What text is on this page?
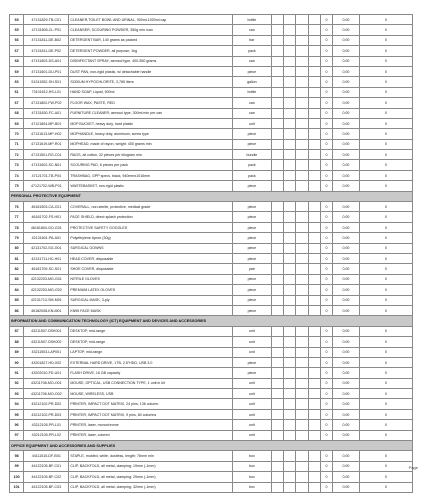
69	47131829-TB-C01	CLEANER,TOILET BOWL AND URINAL, 900ml-1000ml cap	bottle					0	0.00	0
65	47131805-CL-P01	CLEANSER, SCOURING POWDER, 350g min./can	can					0	0.00	0
66	47131811-DE-B02	DETERGENT BAR, 140 grams as packed	bar					0	0.00	0
67	47131811-DE-P02	DETERGENT POWDER, all purpose, 1kg	pack					0	0.00	0
68	47131803-DS-A01	DISINFECTANT SPRAY, aerosol type, 400-550 grams	can					0	0.00	0
69	47131601-DU-P01	DUST PAN, non-rigid plastic, w/ detachable handle	piece					0	0.00	0
60	51241552-SH-S01	SODIUM HYPOCHLORITE, 3,785 liters	gallon					0	0.00	0
61	73101612-HS-L01	HAND SOAP, Liquid, 500ml	bottle					0	0.00	0
67	47131802-FW-P02	FLOOR WAX, PASTE, RED	can					0	0.00	0
68	47131830-FC-A01	FURNITURE CLEANER, aerosol type, 300ml min per can	can					0	0.00	0
69	47121804-MP-B01	MOP BUCKET, heavy duty, hard plastic	unit					0	0.00	0
70	47131613-MP-H02	MOPHANDLE, heavy duty, aluminum, screw type	piece					0	0.00	0
71	47131619-MP-R01	MOPHEAD, made of rayon, weight: 400 grams min	piece					0	0.00	0
72	47131501-RG-C01	RAGS, all cotton, 32 pieces per kilogram min	bundle					0	0.00	0
73	47131602-SC-N01	SCOURING PAD, 6 pieces per pack	pack					0	0.00	0
74	47121701-TB-P04	TRASHBAG, GPP specs, black, 940mmx1016mm	pack					0	0.00	0
75	47121702-WB-P01	WASTEBASKET, non-rigid plastic	piece					0	0.00	0
PERSONAL PROTECTIVE EQUIPMENT										
76	46181503-CA-C01	COVERALL, non-sterile, protective, medical grade	piece					0	0.00	0
77	46181702-FS-H01	FACE SHIELD, direct splash protection	piece					0	0.00	0
78	46181804-GO-G01	PROTECTIVE SAFETY GOGGLES	piece					0	0.00	0
79	42131601-PA-A01	Polyethylene Apron (30g)	piece					0	0.00	0
80	42131702-SG-G01	SURGICAL GOWNS	piece					0	0.00	0
81	42131711-HC-H01	HEAD COVER, disposable	piece					0	0.00	0
82	46181709-SC-S01	SHOE COVER, disposable	pair					0	0.00	0
83	42132203-MG-G01	NITRILE GLOVES	piece					0	0.00	0
84	42132203-MG-G02	PREMIUM LATEX GLOVES	piece					0	0.00	0
85	42131713-SM-M01	SURGICAL MASK, 3-ply	piece					0	0.00	0
86	46182008-KN-M01	KN95 FACE MASK	piece					0	0.00	0
INFORMATION AND COMMUNICATION TECHNOLOGY (ICT) EQUIPMENT AND DEVICES AND ACCESSORIES										
87	43211507-DSK001	DESKTOP, mid-range	unit					0	0.00	0
88	43211507-DSK002	DESKTOP, mid-range	unit					0	0.00	0
89	43211503-LAP001	LAPTOP, mid-range	unit					0	0.00	0
90	43201827-HD-X02	EXTERNAL HARD DRIVE, 1TB, 2.5"HDD, USB 3.0	piece					0	0.00	0
91	43202010-FD-U01	FLASH DRIVE, 16 GB capacity	piece					0	0.00	0
92	43211708-MO-O01	MOUSE, OPTICAL, USB CONNECTION TYPE, 1 unit in kit	unit					0	0.00	0
93	43211708-MO-O02	MOUSE, WIRELESS, USB	unit					0	0.00	0
94	43212102-PR-D02	PRINTER, IMPACT DOT MATRIX, 24 pins, 136 column	unit					0	0.00	0
95	43212102-PR-D03	PRINTER, IMPACT DOT MATRIX, 9 pins, 80 columns	unit					0	0.00	0
96	43212105-PR-L01	PRINTER, laser, monochrome	unit					0	0.00	0
97	43212105-PR-L02	PRINTER, laser, colored	unit					0	0.00	0
OFFICE EQUIPMENT AND ACCESSORIES AND SUPPLIES										
98	44111515-DF-B01	STAPLE, molded, white, dustless, length: 76mm min	box					0	0.00	0
99	44122105-BF-C01	CLIP, BACKFOLD, all metal, clamping: 19mm (-1mm)	box					0	0.00	0
100	44122105-BF-C02	CLIP, BACKFOLD, all metal, clamping: 25mm (-1mm)	box					0	0.00	0
101	44122105-BF-C03	CLIP, BACKFOLD, all metal, clamping: 32mm (-1mm)	box					0	0.00	0
Page
